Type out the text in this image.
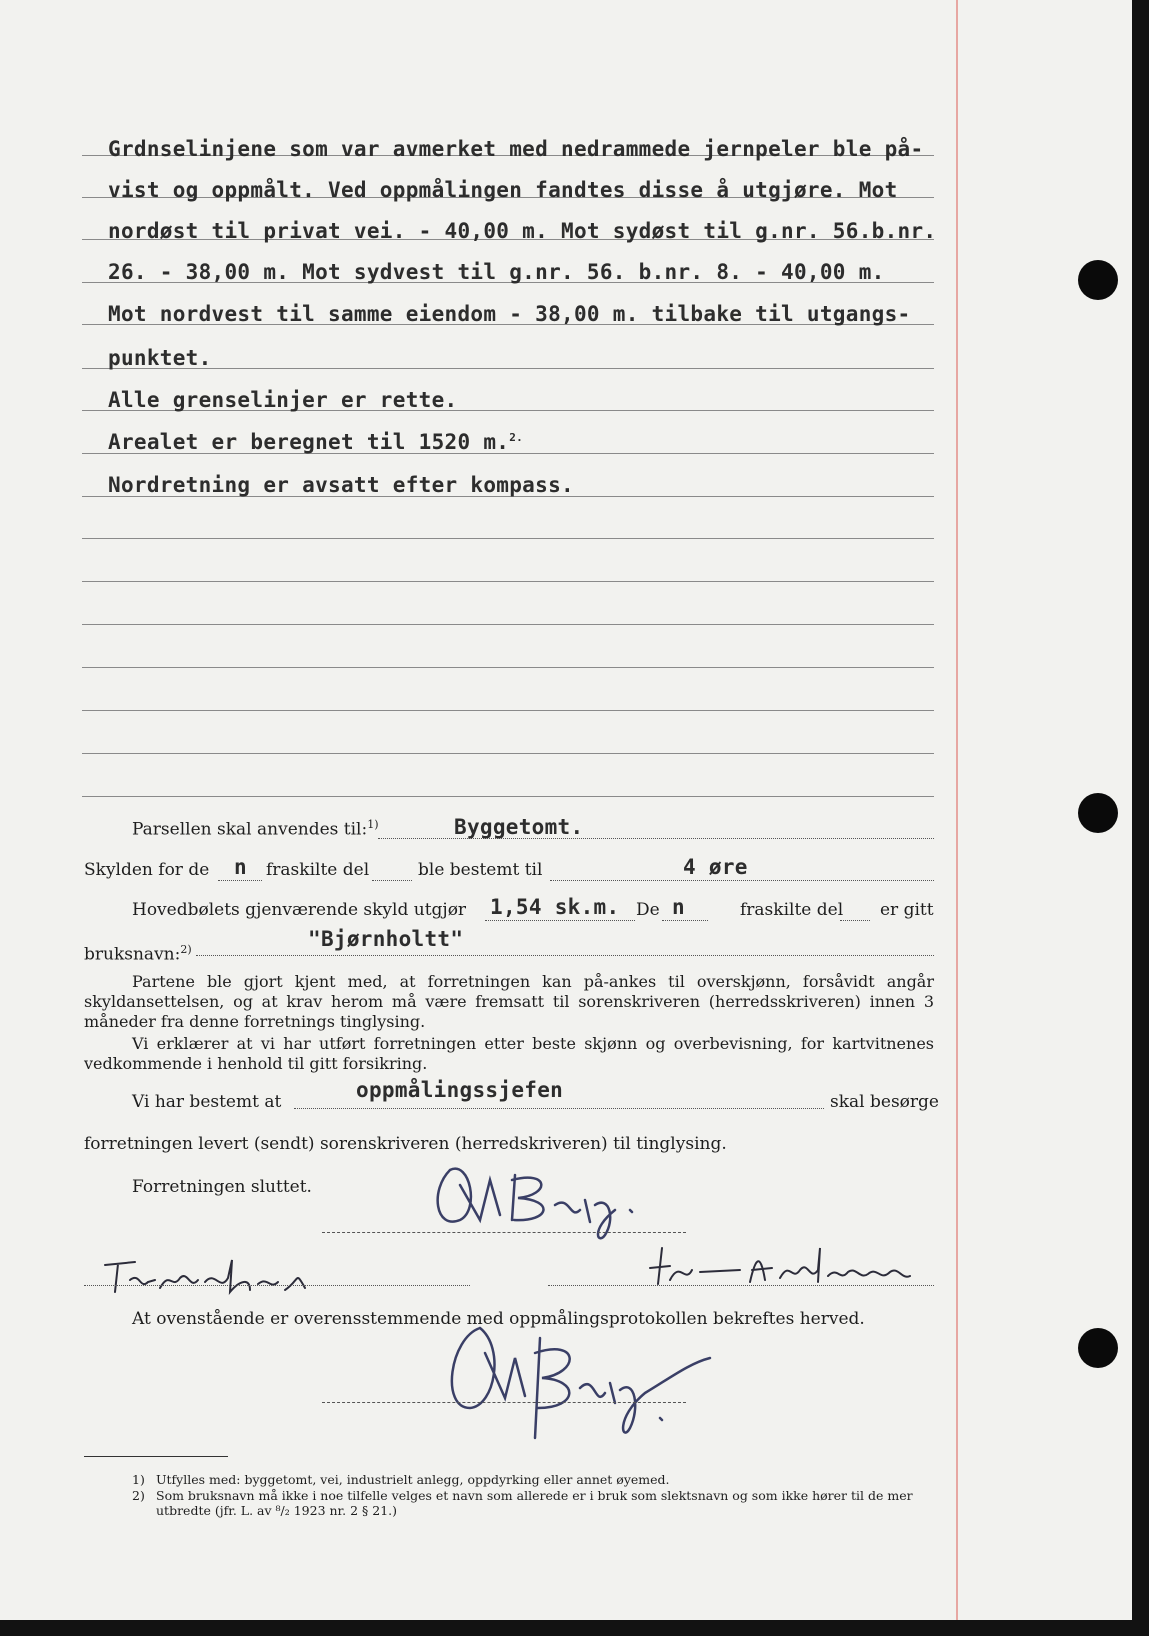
Grdnselinjene som var avmerket med nedrammede jernpeler ble på-
vist og oppmålt. Ved oppmålingen fandtes disse å utgjøre. Mot
nordøst til privat vei. - 40,00 m. Mot sydøst til g.nr. 56.b.nr.
26. - 38,00 m. Mot sydvest til g.nr. 56. b.nr. 8. - 40,00 m.
Mot nordvest til samme eiendom - 38,00 m. tilbake til utgangs-
punktet.
Alle grenselinjer er rette.
Arealet er beregnet til 1520 m.$^{2.}$
Nordretning er avsatt efter kompass.
Parsellen skal anvendes til:$^{1)}$	Byggetomt.
Skylden for de n fraskilte del	ble bestemt til	4 øre
Hovedbølets gjenværende skyld utgjør 1,54 sk.m. De n	fraskilte del er gitt
bruksnavn:$^{2)}$	"Bjørnholtt"
Partene ble gjort kjent med, at forretningen kan på-ankes til overskjønn, forsåvidt angår skyldansettelsen, og at krav herom må være fremsatt til sorenskriveren (herredsskriveren) innen 3 måneder fra denne forretnings tinglysing.
Vi erklærer at vi har utført forretningen etter beste skjønn og overbevisning, for kartvitnenes vedkommende i henhold til gitt forsikring.
Vi har bestemt at	oppmålingssjefen	skal besørge
forretningen levert (sendt) sorenskriveren (herredskriveren) til tinglysing.
Forretningen sluttet.
At ovenstående er overensstemmende med oppmålingsprotokollen bekreftes herved.
1) Utfylles med: byggetomt, vei, industrielt anlegg, oppdyrking eller annet øyemed.
2) Som bruksnavn må ikke i noe tilfelle velges et navn som allerede er i bruk som slektsnavn og som ikke hører til de mer utbredte (jfr. L. av ⁸/₂ 1923 nr. 2 § 21.)
